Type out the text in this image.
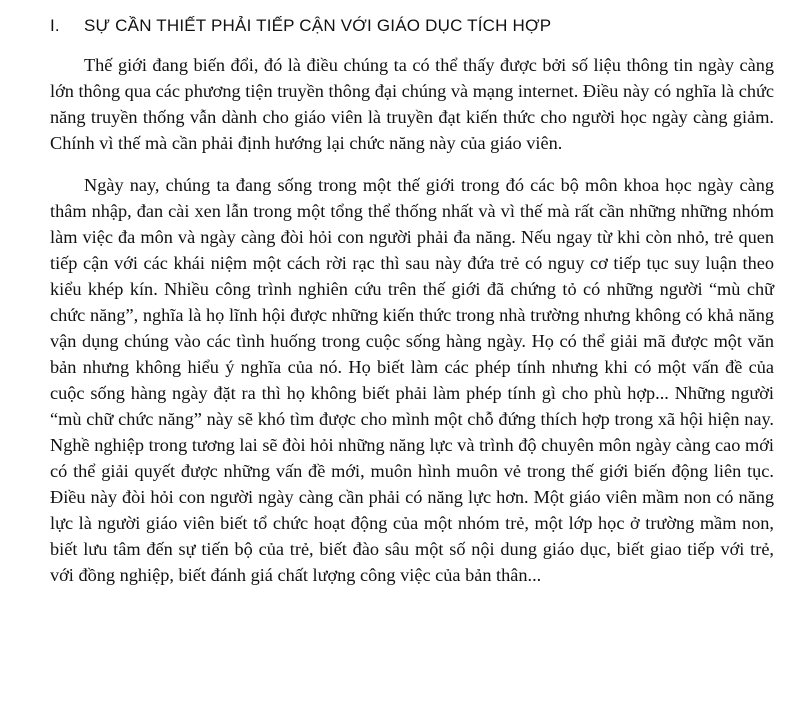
I.	SỰ CẦN THIẾT PHẢI TIẾP CẬN VỚI GIÁO DỤC TÍCH HỢP

Thế giới đang biến đổi, đó là điều chúng ta có thể thấy được bởi số liệu thông tin ngày càng lớn thông qua các phương tiện truyền thông đại chúng và mạng internet. Điều này có nghĩa là chức năng truyền thống vẫn dành cho giáo viên là truyền đạt kiến thức cho người học ngày càng giảm. Chính vì thế mà cần phải định hướng lại chức năng này của giáo viên.

Ngày nay, chúng ta đang sống trong một thế giới trong đó các bộ môn khoa học ngày càng thâm nhập, đan cài xen lẫn trong một tổng thể thống nhất và vì thế mà rất cần những những nhóm làm việc đa môn và ngày càng đòi hỏi con người phải đa năng. Nếu ngay từ khi còn nhỏ, trẻ quen tiếp cận với các khái niệm một cách rời rạc thì sau này đứa trẻ có nguy cơ tiếp tục suy luận theo kiểu khép kín. Nhiều công trình nghiên cứu trên thế giới đã chứng tỏ có những người “mù chữ chức năng”, nghĩa là họ lĩnh hội được những kiến thức trong nhà trường nhưng không có khả năng vận dụng chúng vào các tình huống trong cuộc sống hàng ngày. Họ có thể giải mã được một văn bản nhưng không hiểu ý nghĩa của nó. Họ biết làm các phép tính nhưng khi có một vấn đề của cuộc sống hàng ngày đặt ra thì họ không biết phải làm phép tính gì cho phù hợp... Những người “mù chữ chức năng” này sẽ khó tìm được cho mình một chỗ đứng thích hợp trong xã hội hiện nay. Nghề nghiệp trong tương lai sẽ đòi hỏi những năng lực và trình độ chuyên môn ngày càng cao mới có thể giải quyết được những vấn đề mới, muôn hình muôn vẻ trong thế giới biến động liên tục. Điều này đòi hỏi con người ngày càng cần phải có năng lực hơn. Một giáo viên mầm non có năng lực là người giáo viên biết tổ chức hoạt động của một nhóm trẻ, một lớp học ở trường mầm non, biết lưu tâm đến sự tiến bộ của trẻ, biết đào sâu một số nội dung giáo dục, biết giao tiếp với trẻ, với đồng nghiệp, biết đánh giá chất lượng công việc của bản thân...
